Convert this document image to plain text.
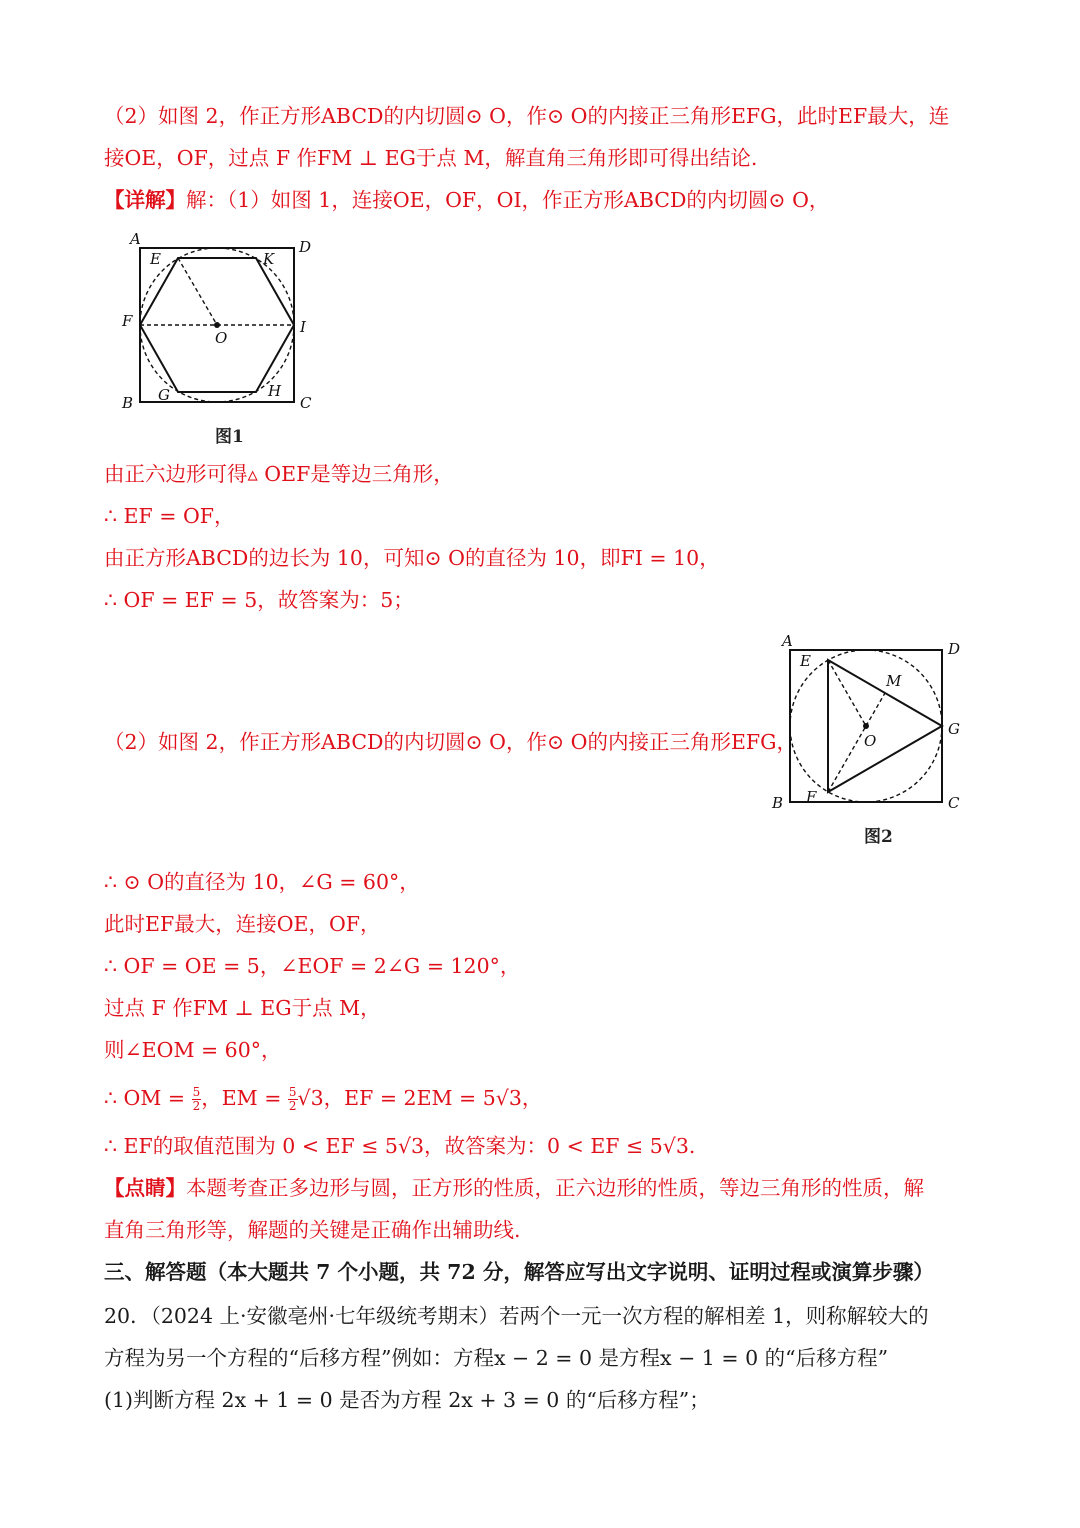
（2）如图 2，作正方形ABCD的内切圆⊙ O，作⊙ O的内接正三角形EFG，此时EF最大，连
接OE，OF，过点 F 作FM ⊥ EG于点 M，解直角三角形即可得出结论.
【详解】解：（1）如图 1，连接OE，OF，OI，作正方形ABCD的内切圆⊙ O，
A	D
E	K
F	I
O
G	H
B	C
图1
由正六边形可得▵ OEF是等边三角形，
∴ EF = OF，
由正方形ABCD的边长为 10，可知⊙ O的直径为 10，即FI = 10，
∴ OF = EF = 5，故答案为：5；
A	D
E
M
O
G
F
B	C
（2）如图 2，作正方形ABCD的内切圆⊙ O，作⊙ O的内接正三角形EFG，
图2
∴ ⊙ O的直径为 10，∠G = 60°，
此时EF最大，连接OE，OF，
∴ OF = OE = 5，∠EOF = 2∠G = 120°，
过点 F 作FM ⊥ EG于点 M，
则∠EOM = 60°，
∴ OM = $\frac{5}{2}$ ，EM = $\frac{5}{2} √3$，EF = 2EM = 5√3，
∴ EF的取值范围为 0 < EF ≤ 5√3，故答案为：0 < EF ≤ 5√3.
【点睛】本题考查正多边形与圆，正方形的性质，正六边形的性质，等边三角形的性质，解
直角三角形等，解题的关键是正确作出辅助线.
三、解答题（本大题共 7 个小题，共 72 分，解答应写出文字说明、证明过程或演算步骤）
20．（2024 上·安徽亳州·七年级统考期末）若两个一元一次方程的解相差 1，则称解较大的
方程为另一个方程的“后移方程”例如：方程x − 2 = 0 是方程x − 1 = 0 的“后移方程”
(1)判断方程 2x + 1 = 0 是否为方程 2x + 3 = 0 的“后移方程”；
